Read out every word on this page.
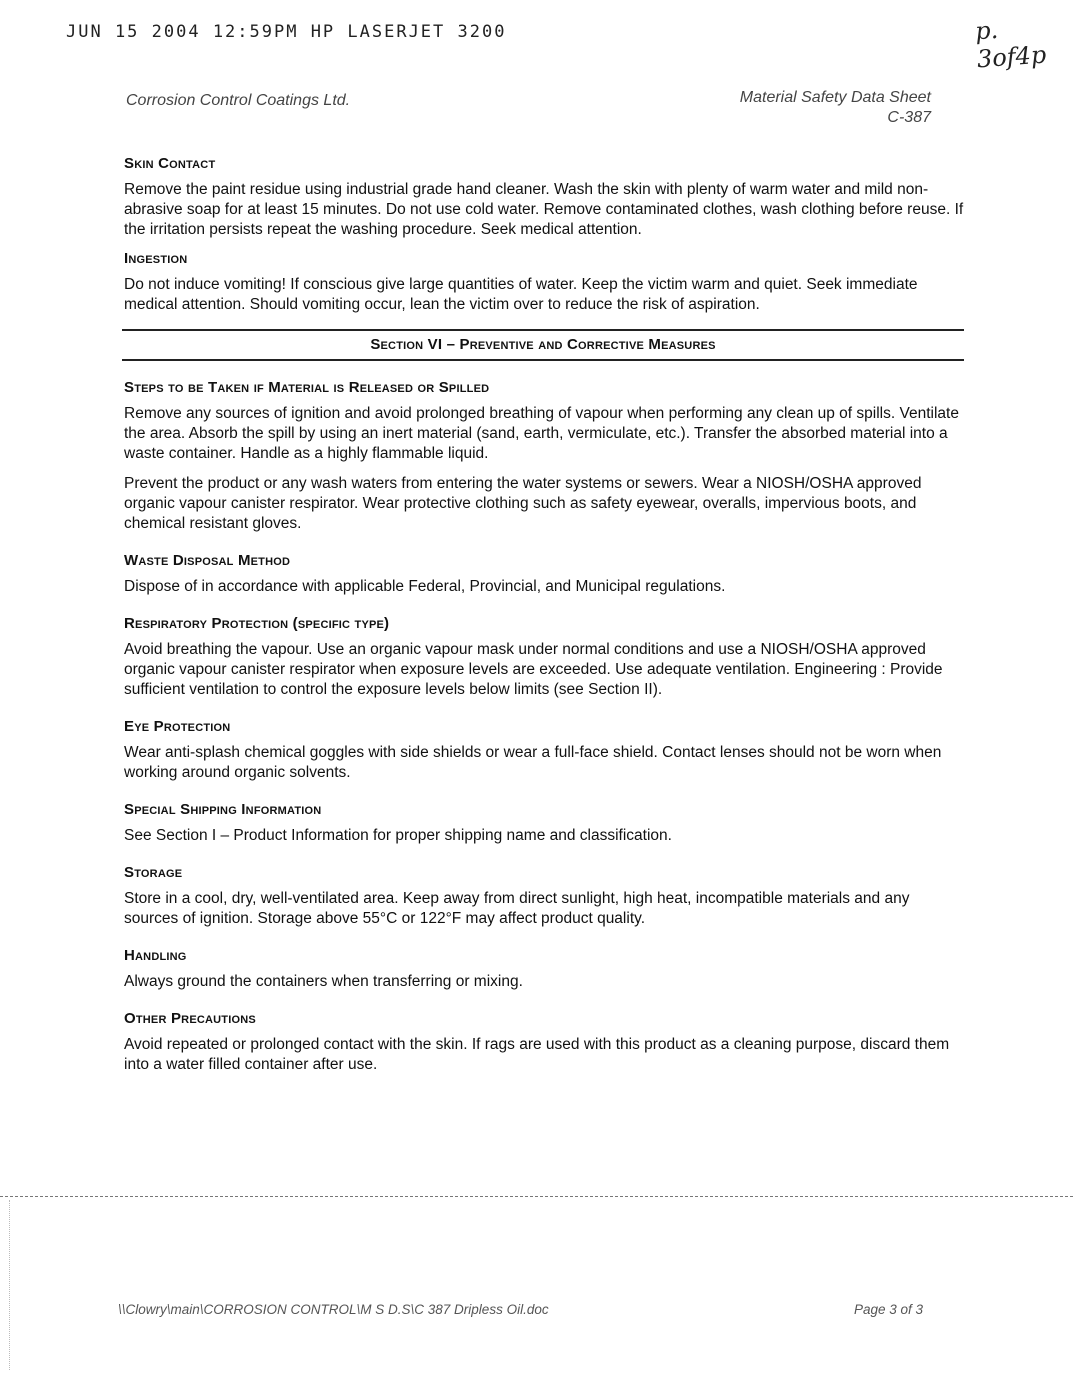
JUN 15 2004 12:59PM HP LASERJET 3200	p. 3of4p
Corrosion Control Coatings Ltd.	Material Safety Data Sheet
C-387
Skin Contact

Remove the paint residue using industrial grade hand cleaner. Wash the skin with plenty of warm water and mild non-abrasive soap for at least 15 minutes. Do not use cold water. Remove contaminated clothes, wash clothing before reuse. If the irritation persists repeat the washing procedure. Seek medical attention.

Ingestion

Do not induce vomiting! If conscious give large quantities of water. Keep the victim warm and quiet. Seek immediate medical attention. Should vomiting occur, lean the victim over to reduce the risk of aspiration.

Section VI – Preventive and Corrective Measures
Steps to be Taken if Material is Released or Spilled

Remove any sources of ignition and avoid prolonged breathing of vapour when performing any clean up of spills. Ventilate the area. Absorb the spill by using an inert material (sand, earth, vermiculate, etc.). Transfer the absorbed material into a waste container. Handle as a highly flammable liquid.

Prevent the product or any wash waters from entering the water systems or sewers. Wear a NIOSH/OSHA approved organic vapour canister respirator. Wear protective clothing such as safety eyewear, overalls, impervious boots, and chemical resistant gloves.

Waste Disposal Method

Dispose of in accordance with applicable Federal, Provincial, and Municipal regulations.

Respiratory Protection (specific type)

Avoid breathing the vapour. Use an organic vapour mask under normal conditions and use a NIOSH/OSHA approved organic vapour canister respirator when exposure levels are exceeded. Use adequate ventilation. Engineering : Provide sufficient ventilation to control the exposure levels below limits (see Section II).

Eye Protection

Wear anti-splash chemical goggles with side shields or wear a full-face shield. Contact lenses should not be worn when working around organic solvents.

Special Shipping Information

See Section I – Product Information for proper shipping name and classification.

Storage

Store in a cool, dry, well-ventilated area. Keep away from direct sunlight, high heat, incompatible materials and any sources of ignition. Storage above 55°C or 122°F may affect product quality.

Handling

Always ground the containers when transferring or mixing.

Other Precautions

Avoid repeated or prolonged contact with the skin. If rags are used with this product as a cleaning purpose, discard them into a water filled container after use.

\\Clowry\main\CORROSION CONTROL\M S D.S\C 387 Dripless Oil.doc	Page 3 of 3
